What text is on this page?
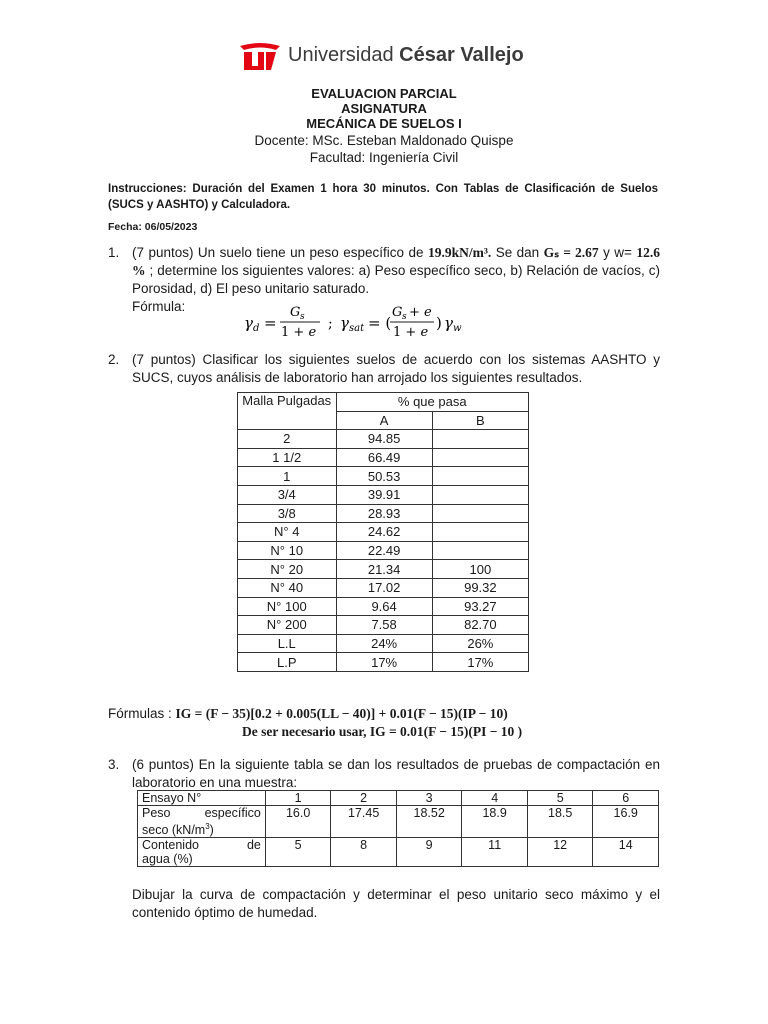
Universidad César Vallejo
EVALUACION PARCIAL
ASIGNATURA
MECÁNICA DE SUELOS I
Docente: MSc. Esteban Maldonado Quispe
Facultad: Ingeniería Civil
Instrucciones: Duración del Examen 1 hora 30 minutos. Con Tablas de Clasificación de Suelos (SUCS y AASHTO) y Calculadora.
Fecha: 06/05/2023
1. (7 puntos) Un suelo tiene un peso específico de 19.9kN/m³. Se dan Gₛ = 2.67 y w= 12.6 % ; determine los siguientes valores: a) Peso específico seco, b) Relación de vacíos, c) Porosidad, d) El peso unitario saturado.
Fórmula:
γ d =
G s
1 + e
; γ sat = (
G s + e
1 + e
) γ w
2. (7 puntos) Clasificar los siguientes suelos de acuerdo con los sistemas AASHTO y SUCS, cuyos análisis de laboratorio han arrojado los siguientes resultados.
Malla Pulgadas	% que pasa	
	A	B
2	94.85	
1 1/2	66.49	
1	50.53	
3/4	39.91	
3/8	28.93	
N° 4	24.62	
N° 10	22.49	
N° 20	21.34	100
N° 40	17.02	99.32
N° 100	9.64	93.27
N° 200	7.58	82.70
L.L	24%	26%
L.P	17%	17%
Fórmulas : IG = (F − 35)[0.2 + 0.005(LL − 40)] + 0.01(F − 15)(IP − 10)
De ser necesario usar, IG = 0.01(F − 15)(PI − 10 )
3. (6 puntos) En la siguiente tabla se dan los resultados de pruebas de compactación en laboratorio en una muestra:
Ensayo N°	1	2	3	4	5	6

Peso específico
seco $(kN/m^3)$	16.0	17.45	18.52	18.9	18.5	16.9

Contenido de
agua (%)	5	8	9	11	12	14
Dibujar la curva de compactación y determinar el peso unitario seco máximo y el contenido óptimo de humedad.
